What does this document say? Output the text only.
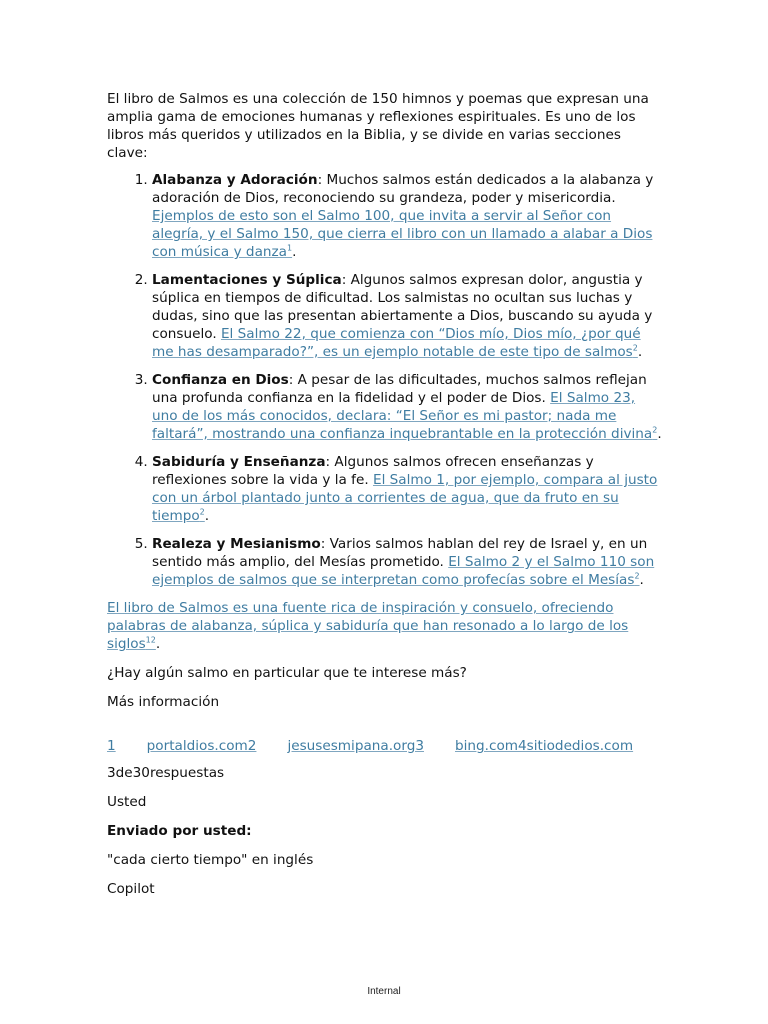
El libro de Salmos es una colección de 150 himnos y poemas que expresan una amplia gama de emociones humanas y reflexiones espirituales. Es uno de los libros más queridos y utilizados en la Biblia, y se divide en varias secciones clave:

1. Alabanza y Adoración: Muchos salmos están dedicados a la alabanza y adoración de Dios, reconociendo su grandeza, poder y misericordia. Ejemplos de esto son el Salmo 100, que invita a servir al Señor con alegría, y el Salmo 150, que cierra el libro con un llamado a alabar a Dios con música y danza$^1$.
2. Lamentaciones y Súplica: Algunos salmos expresan dolor, angustia y súplica en tiempos de dificultad. Los salmistas no ocultan sus luchas y dudas, sino que las presentan abiertamente a Dios, buscando su ayuda y consuelo. El Salmo 22, que comienza con “Dios mío, Dios mío, ¿por qué me has desamparado?”, es un ejemplo notable de este tipo de salmos$^2$.
3. Confianza en Dios: A pesar de las dificultades, muchos salmos reflejan una profunda confianza en la fidelidad y el poder de Dios. El Salmo 23, uno de los más conocidos, declara: “El Señor es mi pastor; nada me faltará”, mostrando una confianza inquebrantable en la protección divina$^2$.
4. Sabiduría y Enseñanza: Algunos salmos ofrecen enseñanzas y reflexiones sobre la vida y la fe. El Salmo 1, por ejemplo, compara al justo con un árbol plantado junto a corrientes de agua, que da fruto en su tiempo$^2$.
5. Realeza y Mesianismo: Varios salmos hablan del rey de Israel y, en un sentido más amplio, del Mesías prometido. El Salmo 2 y el Salmo 110 son ejemplos de salmos que se interpretan como profecías sobre el Mesías$^2$.

El libro de Salmos es una fuente rica de inspiración y consuelo, ofreciendo palabras de alabanza, súplica y sabiduría que han resonado a lo largo de los siglos$^{12}$.

¿Hay algún salmo en particular que te interese más?

Más información

1 portaldios.com2 jesusesmipana.org3 bing.com4sitiodedios.com

3de30respuestas

Usted

Enviado por usted:

"cada cierto tiempo" en inglés

Copilot

Internal
